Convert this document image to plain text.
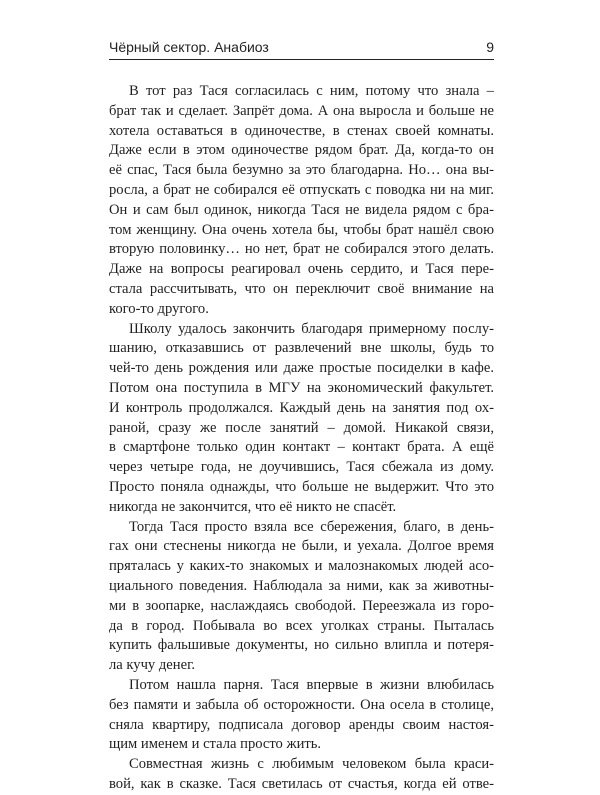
Чёрный сектор. Анабиоз	9
В тот раз Тася согласилась с ним, потому что знала –
брат так и сделает. Запрёт дома. А она выросла и больше не
хотела оставаться в одиночестве, в стенах своей комнаты.
Даже если в этом одиночестве рядом брат. Да, когда-то он
её спас, Тася была безумно за это благодарна. Но… она вы-
росла, а брат не собирался её отпускать с поводка ни на миг.
Он и сам был одинок, никогда Тася не видела рядом с бра-
том женщину. Она очень хотела бы, чтобы брат нашёл свою
вторую половинку… но нет, брат не собирался этого делать.
Даже на вопросы реагировал очень сердито, и Тася пере-
стала рассчитывать, что он переключит своё внимание на
кого-то другого.
Школу удалось закончить благодаря примерному послу-
шанию, отказавшись от развлечений вне школы, будь то
чей-то день рождения или даже простые посиделки в кафе.
Потом она поступила в МГУ на экономический факультет.
И контроль продолжался. Каждый день на занятия под ох-
раной, сразу же после занятий – домой. Никакой связи,
в смартфоне только один контакт – контакт брата. А ещё
через четыре года, не доучившись, Тася сбежала из дому.
Просто поняла однажды, что больше не выдержит. Что это
никогда не закончится, что её никто не спасёт.
Тогда Тася просто взяла все сбережения, благо, в день-
гах они стеснены никогда не были, и уехала. Долгое время
пряталась у каких-то знакомых и малознакомых людей асо-
циального поведения. Наблюдала за ними, как за животны-
ми в зоопарке, наслаждаясь свободой. Переезжала из горо-
да в город. Побывала во всех уголках страны. Пыталась
купить фальшивые документы, но сильно влипла и потеря-
ла кучу денег.
Потом нашла парня. Тася впервые в жизни влюбилась
без памяти и забыла об осторожности. Она осела в столице,
сняла квартиру, подписала договор аренды своим настоя-
щим именем и стала просто жить.
Совместная жизнь с любимым человеком была краси-
вой, как в сказке. Тася светилась от счастья, когда ей отве-
